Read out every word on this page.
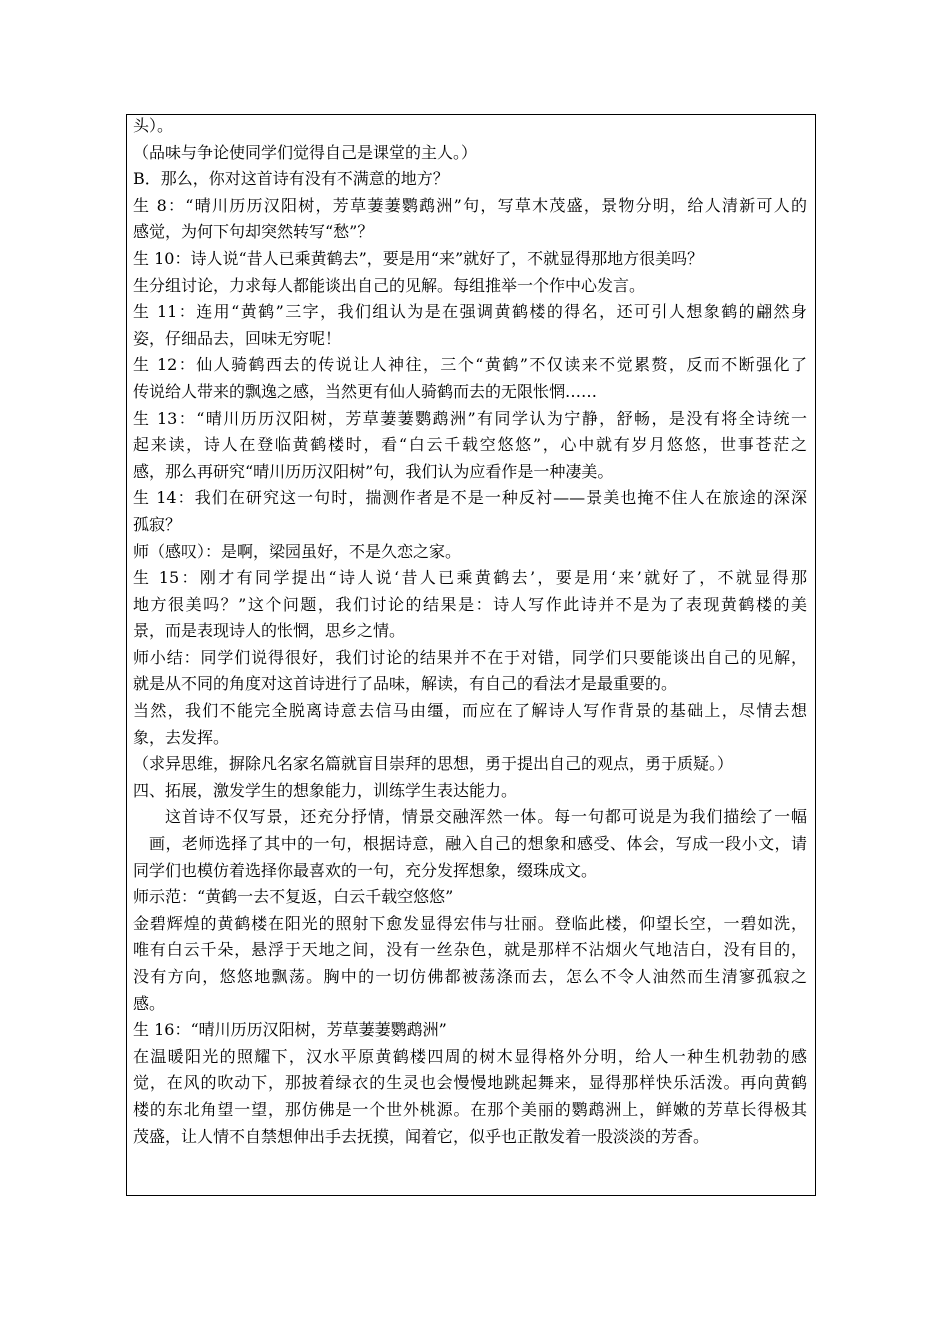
头）。
（品味与争论使同学们觉得自己是课堂的主人。）
B．那么，你对这首诗有没有不满意的地方？
生 8：“晴川历历汉阳树，芳草萋萋鹦鹉洲”句，写草木茂盛，景物分明，给人清新可人的
感觉，为何下句却突然转写“愁”？
生 10：诗人说“昔人已乘黄鹤去”，要是用“来”就好了，不就显得那地方很美吗？
生分组讨论，力求每人都能谈出自己的见解。每组推举一个作中心发言。
生 11：连用“黄鹤”三字，我们组认为是在强调黄鹤楼的得名，还可引人想象鹤的翩然身
姿，仔细品去，回味无穷呢！
生 12：仙人骑鹤西去的传说让人神往，三个“黄鹤”不仅读来不觉累赘，反而不断强化了
传说给人带来的飘逸之感，当然更有仙人骑鹤而去的无限怅惘……
生 13：“晴川历历汉阳树，芳草萋萋鹦鹉洲”有同学认为宁静，舒畅，是没有将全诗统一
起来读，诗人在登临黄鹤楼时，看“白云千载空悠悠”，心中就有岁月悠悠，世事苍茫之
感，那么再研究“晴川历历汉阳树”句，我们认为应看作是一种凄美。
生 14：我们在研究这一句时，揣测作者是不是一种反衬——景美也掩不住人在旅途的深深
孤寂？
师（感叹）：是啊，梁园虽好，不是久恋之家。
生 15：刚才有同学提出“诗人说‘昔人已乘黄鹤去’，要是用‘来’就好了，不就显得那
地方很美吗？”这个问题，我们讨论的结果是：诗人写作此诗并不是为了表现黄鹤楼的美
景，而是表现诗人的怅惘，思乡之情。
师小结：同学们说得很好，我们讨论的结果并不在于对错，同学们只要能谈出自己的见解，
就是从不同的角度对这首诗进行了品味，解读，有自己的看法才是最重要的。
当然，我们不能完全脱离诗意去信马由缰，而应在了解诗人写作背景的基础上，尽情去想
象，去发挥。
（求异思维，摒除凡名家名篇就盲目崇拜的思想，勇于提出自己的观点，勇于质疑。）
四、拓展，激发学生的想象能力，训练学生表达能力。
这首诗不仅写景，还充分抒情，情景交融浑然一体。每一句都可说是为我们描绘了一幅
画，老师选择了其中的一句，根据诗意，融入自己的想象和感受、体会，写成一段小文，请
同学们也模仿着选择你最喜欢的一句，充分发挥想象，缀珠成文。
师示范：“黄鹤一去不复返，白云千载空悠悠”
金碧辉煌的黄鹤楼在阳光的照射下愈发显得宏伟与壮丽。登临此楼，仰望长空，一碧如洗，
唯有白云千朵，悬浮于天地之间，没有一丝杂色，就是那样不沾烟火气地洁白，没有目的，
没有方向，悠悠地飘荡。胸中的一切仿佛都被荡涤而去，怎么不令人油然而生清寥孤寂之
感。
生 16：“晴川历历汉阳树，芳草萋萋鹦鹉洲”
在温暖阳光的照耀下，汉水平原黄鹤楼四周的树木显得格外分明，给人一种生机勃勃的感
觉，在风的吹动下，那披着绿衣的生灵也会慢慢地跳起舞来，显得那样快乐活泼。再向黄鹤
楼的东北角望一望，那仿佛是一个世外桃源。在那个美丽的鹦鹉洲上，鲜嫩的芳草长得极其
茂盛，让人情不自禁想伸出手去抚摸，闻着它，似乎也正散发着一股淡淡的芳香。
